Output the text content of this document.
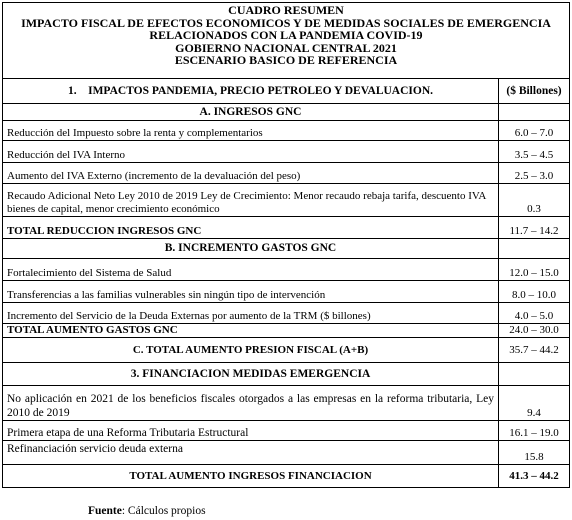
CUADRO RESUMEN
IMPACTO FISCAL DE EFECTOS ECONOMICOS Y DE MEDIDAS SOCIALES DE EMERGENCIA
RELACIONADOS CON LA PANDEMIA COVID-19
GOBIERNO NACIONAL CENTRAL 2021
ESCENARIO BASICO DE REFERENCIA	

1.    IMPACTOS PANDEMIA, PRECIO PETROLEO Y DEVALUACION.	($ Billones)
A. INGRESOS GNC	
Reducción del Impuesto sobre la renta y complementarios	6.0 – 7.0
Reducción del IVA Interno	3.5 – 4.5
Aumento del IVA Externo (incremento de la devaluación del peso)	2.5 – 3.0
Recaudo Adicional Neto Ley 2010 de 2019 Ley de Crecimiento: Menor recaudo rebaja tarifa, descuento IVA bienes de capital, menor crecimiento económico	0.3
TOTAL REDUCCION INGRESOS GNC	11.7 – 14.2
B. INCREMENTO GASTOS GNC	
Fortalecimiento del Sistema de Salud	12.0 – 15.0
Transferencias a las familias vulnerables sin ningún tipo de intervención	8.0 – 10.0
Incremento del Servicio de la Deuda Externas por aumento de la TRM ($ billones)	4.0 – 5.0
TOTAL AUMENTO GASTOS GNC	24.0 – 30.0
C. TOTAL AUMENTO PRESION FISCAL (A+B)	35.7 – 44.2
3. FINANCIACION MEDIDAS EMERGENCIA	
No aplicación en 2021 de los beneficios fiscales otorgados a las empresas en la reforma tributaria, Ley 2010 de 2019	9.4
Primera etapa de una Reforma Tributaria Estructural	16.1 – 19.0
Refinanciación servicio deuda externa	15.8
TOTAL AUMENTO INGRESOS FINANCIACION	41.3 – 44.2
Fuente: Cálculos propios
